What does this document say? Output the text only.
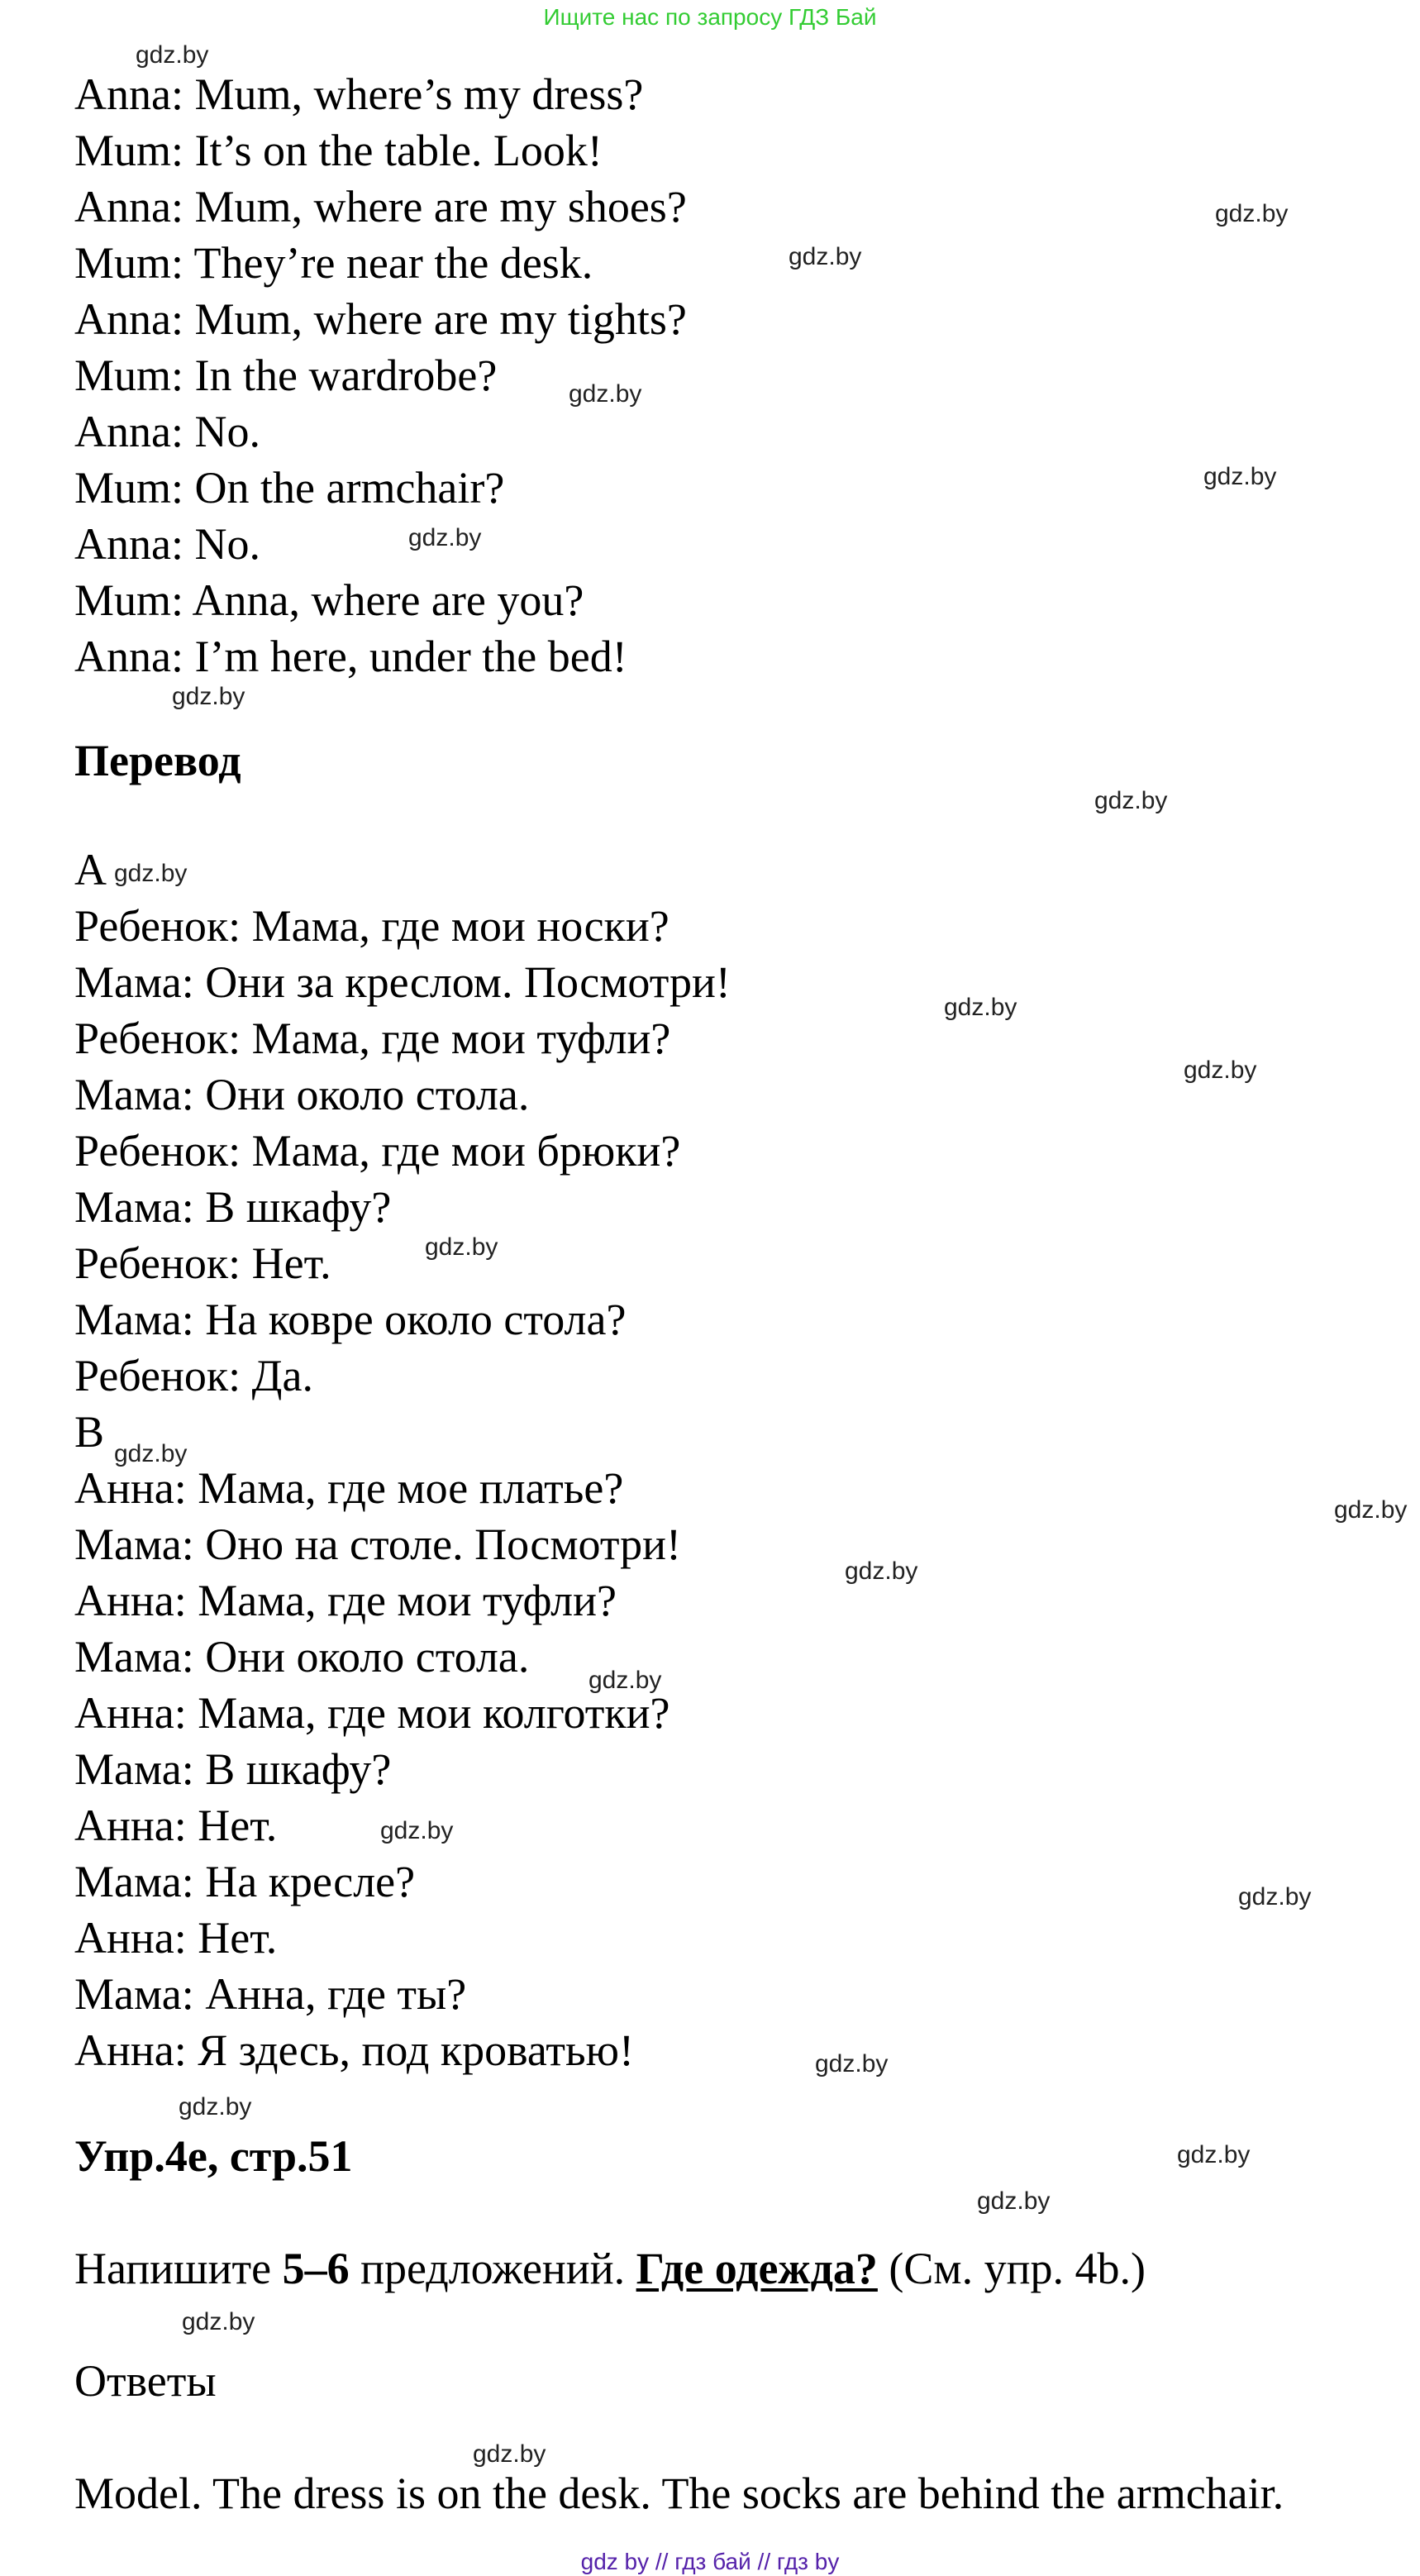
Ищите нас по запросу ГДЗ Бай
Перевод
A
B
Упр.4e, стр.51
Напишите 5–6 предложений. Где одежда? (См. упр. 4b.)
Ответы
Model. The dress is on the desk. The socks are behind the armchair.
Anna: Mum, where’s my dress?
Mum: It’s on the table. Look!
Anna: Mum, where are my shoes?
Mum: They’re near the desk.
Anna: Mum, where are my tights?
Mum: In the wardrobe?
Anna: No.
Mum: On the armchair?
Anna: No.
Mum: Anna, where are you?
Anna: I’m here, under the bed!
Ребенок: Мама, где мои носки?
Мама: Они за креслом. Посмотри!
Ребенок: Мама, где мои туфли?
Мама: Они около стола.
Ребенок: Мама, где мои брюки?
Мама: В шкафу?
Ребенок: Нет.
Мама: На ковре около стола?
Ребенок: Да.
Анна: Мама, где мое платье?
Мама: Оно на столе. Посмотри!
Анна: Мама, где мои туфли?
Мама: Они около стола.
Анна: Мама, где мои колготки?
Мама: В шкафу?
Анна: Нет.
Мама: На кресле?
Анна: Нет.
Мама: Анна, где ты?
Анна: Я здесь, под кроватью!
gdz by // гдз бай // гдз by
gdz.by
gdz.by
gdz.by
gdz.by
gdz.by
gdz.by
gdz.by
gdz.by
gdz.by
gdz.by
gdz.by
gdz.by
gdz.by
gdz.by
gdz.by
gdz.by
gdz.by
gdz.by
gdz.by
gdz.by
gdz.by
gdz.by
gdz.by
gdz.by
